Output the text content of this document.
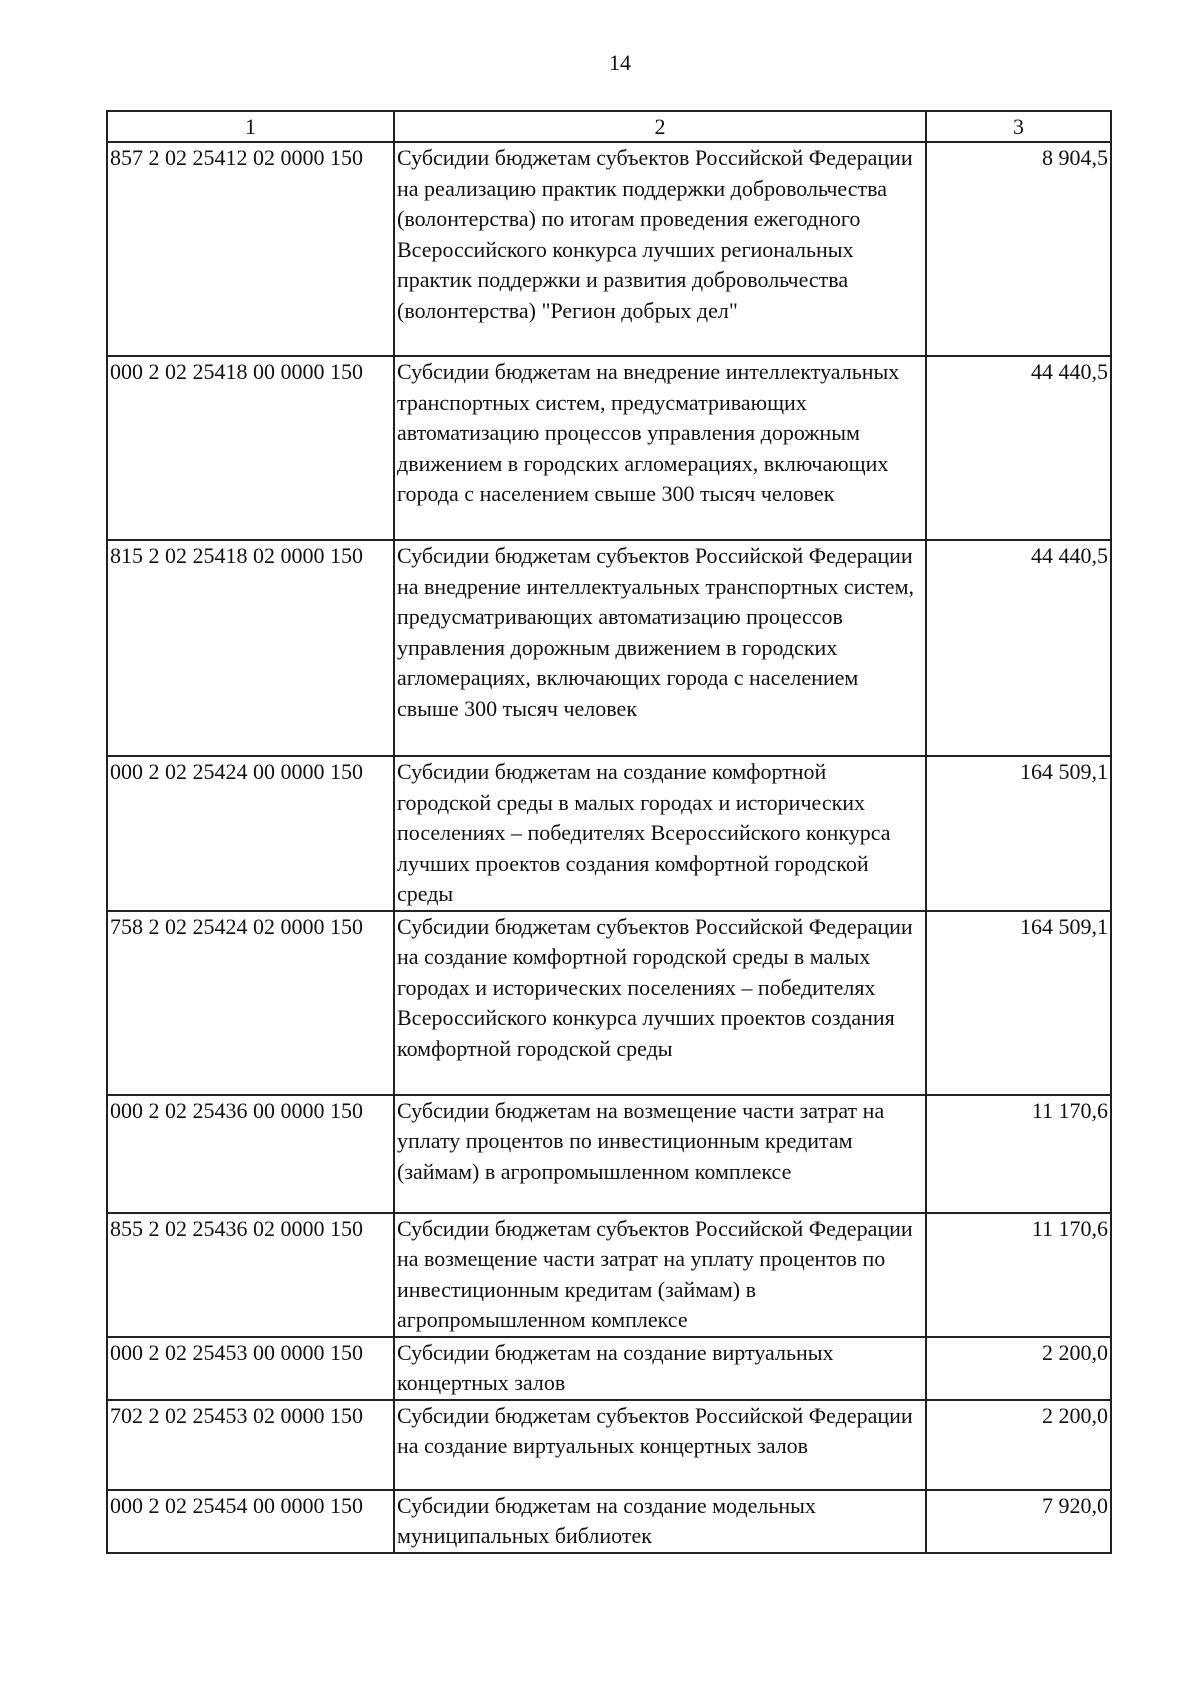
14
1	2	3
857 2 02 25412 02 0000 150	Субсидии бюджетам субъектов Российской Федерации на реализацию практик поддержки добровольчества (волонтерства) по итогам проведения ежегодного Всероссийского конкурса лучших региональных практик поддержки и развития добровольчества (волонтерства) "Регион добрых дел"	8 904,5
000 2 02 25418 00 0000 150	Субсидии бюджетам на внедрение интеллектуальных транспортных систем, предусматривающих автоматизацию процессов управления дорожным движением в городских агломерациях, включающих города с населением свыше 300 тысяч человек	44 440,5
815 2 02 25418 02 0000 150	Субсидии бюджетам субъектов Российской Федерации на внедрение интеллектуальных транспортных систем, предусматривающих автоматизацию процессов управления дорожным движением в городских агломерациях, включающих города с населением свыше 300 тысяч человек	44 440,5
000 2 02 25424 00 0000 150	Субсидии бюджетам на создание комфортной городской среды в малых городах и исторических поселениях – победителях Всероссийского конкурса лучших проектов создания комфортной городской среды	164 509,1
758 2 02 25424 02 0000 150	Субсидии бюджетам субъектов Российской Федерации на создание комфортной городской среды в малых городах и исторических поселениях – победителях Всероссийского конкурса лучших проектов создания комфортной городской среды	164 509,1
000 2 02 25436 00 0000 150	Субсидии бюджетам на возмещение части затрат на уплату процентов по инвестиционным кредитам (займам) в агропромышленном комплексе	11 170,6
855 2 02 25436 02 0000 150	Субсидии бюджетам субъектов Российской Федерации на возмещение части затрат на уплату процентов по инвестиционным кредитам (займам) в агропромышленном комплексе	11 170,6
000 2 02 25453 00 0000 150	Субсидии бюджетам на создание виртуальных концертных залов	2 200,0
702 2 02 25453 02 0000 150	Субсидии бюджетам субъектов Российской Федерации на создание виртуальных концертных залов	2 200,0
000 2 02 25454 00 0000 150	Субсидии бюджетам на создание модельных муниципальных библиотек	7 920,0
